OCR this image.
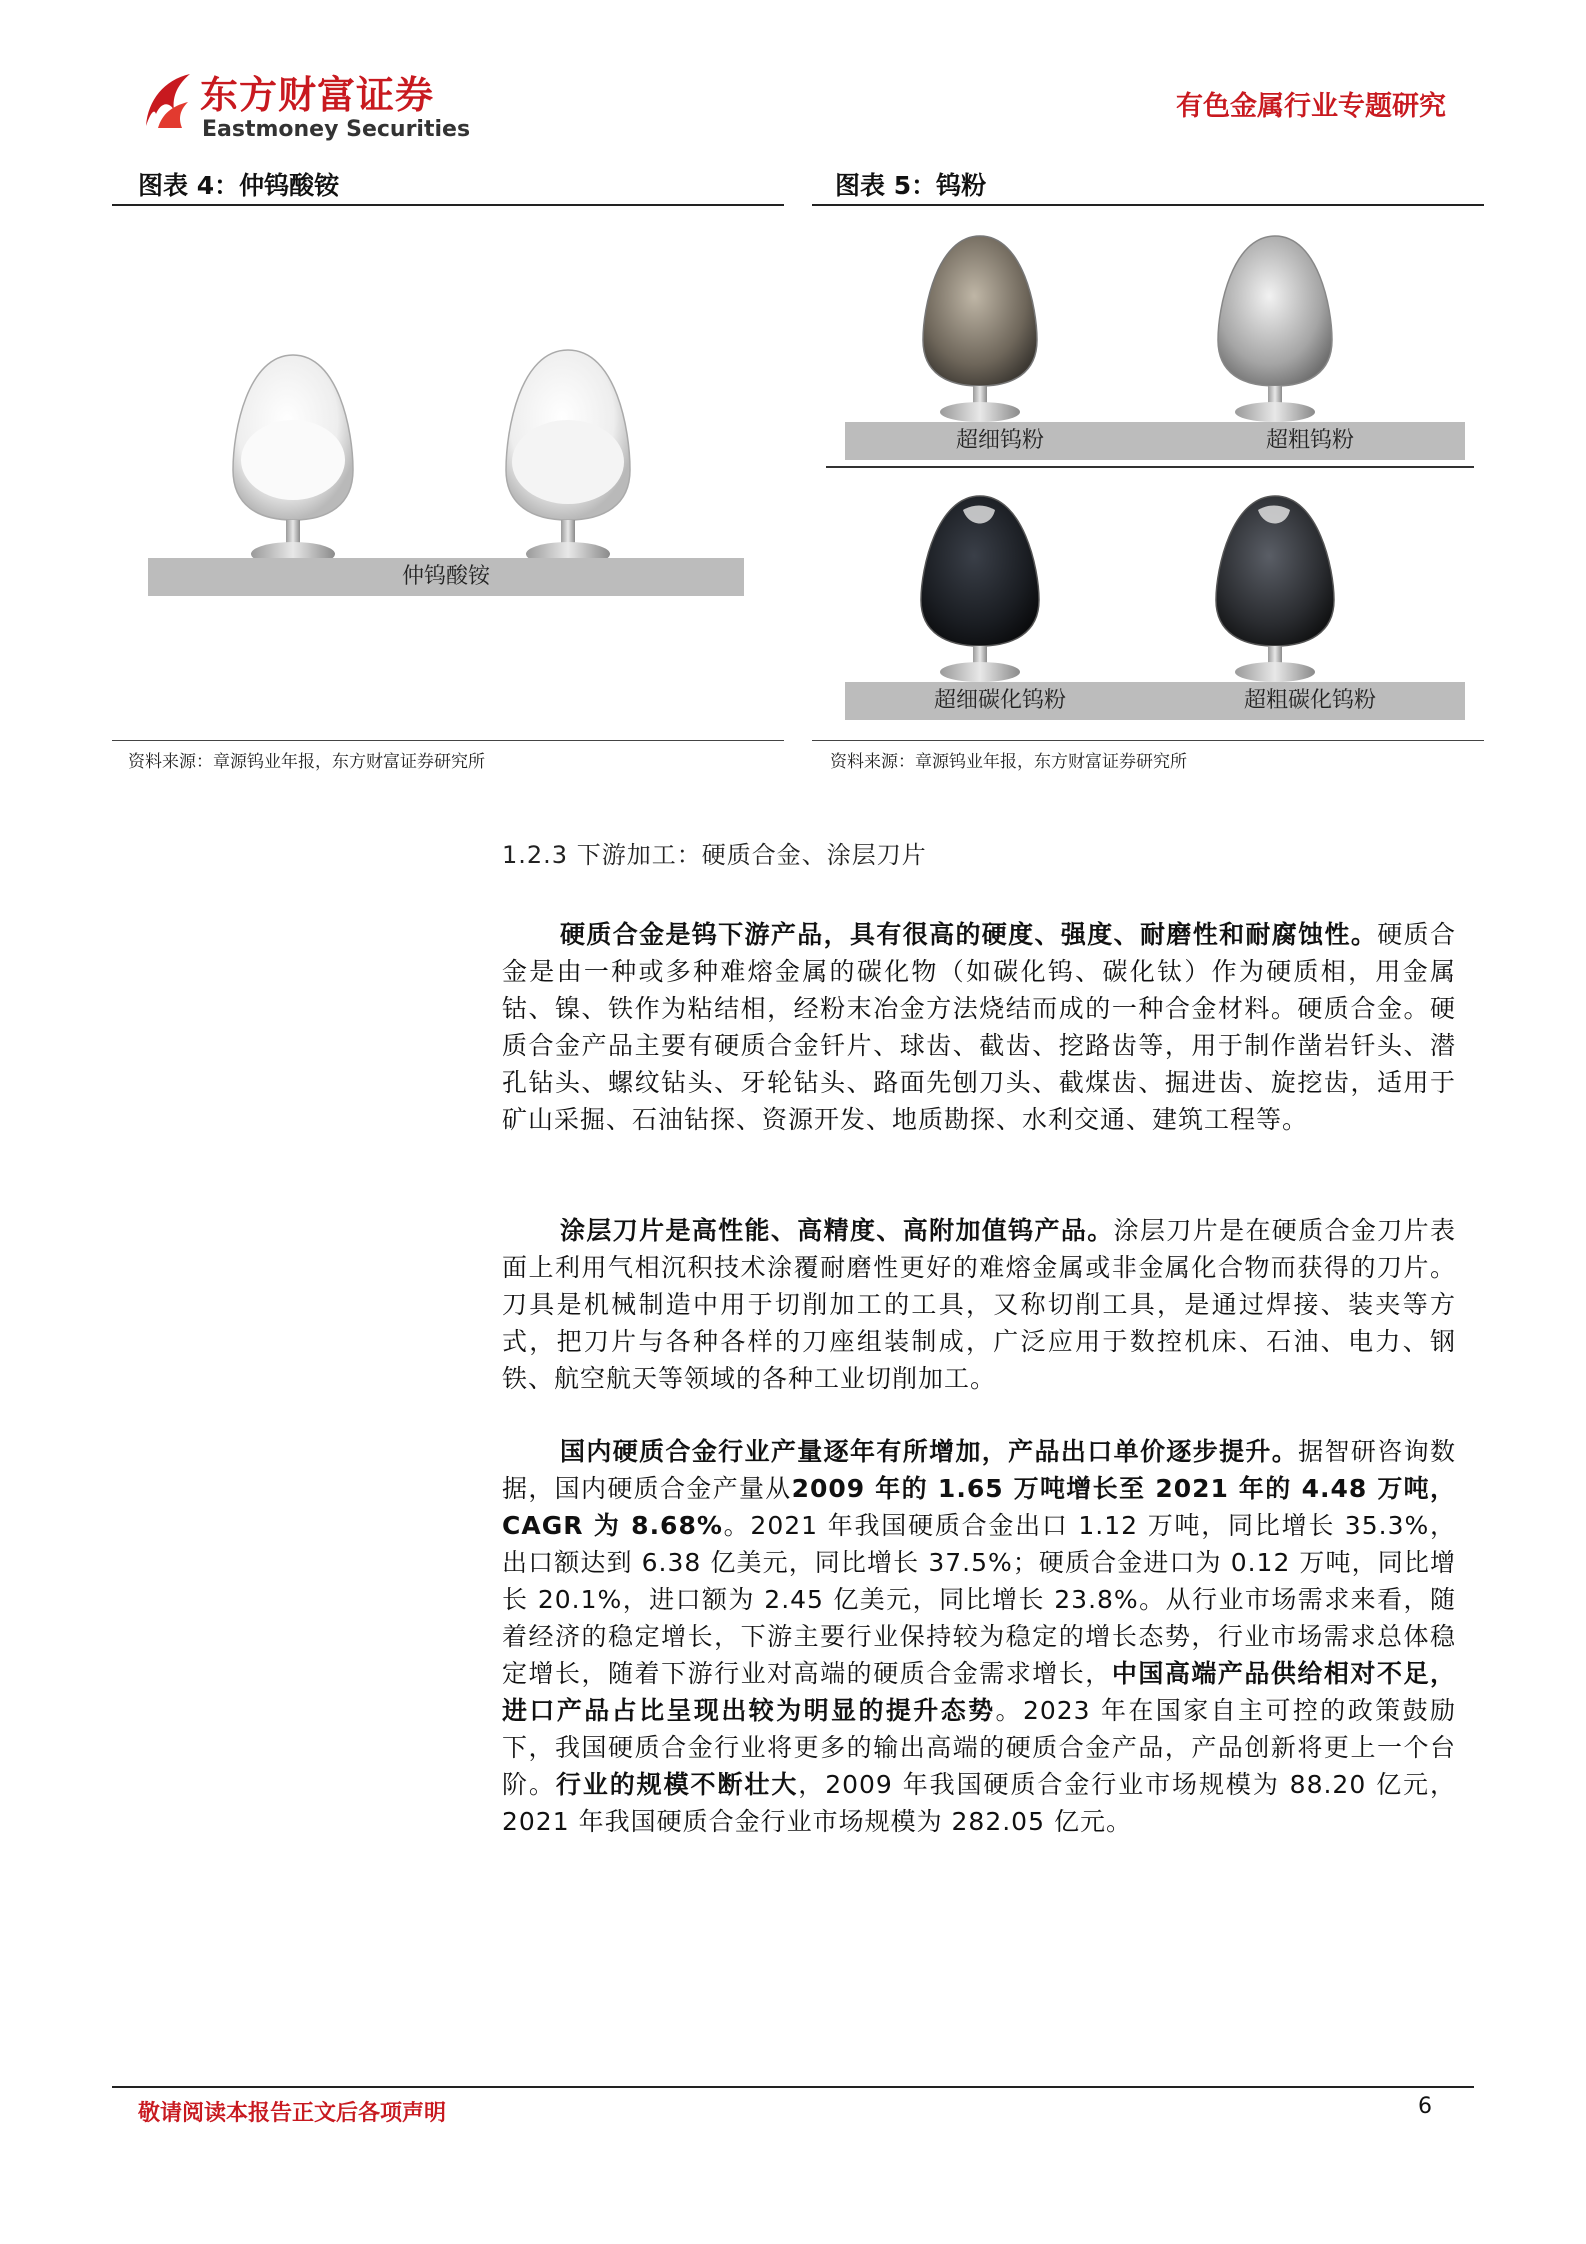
东方财富证券
Eastmoney Securities
有色金属行业专题研究
图表 4：仲钨酸铵
仲钨酸铵
资料来源：章源钨业年报，东方财富证券研究所
图表 5：钨粉
超细钨粉	超粗钨粉
超细碳化钨粉	超粗碳化钨粉
资料来源：章源钨业年报，东方财富证券研究所
1.2.3 下游加工：硬质合金、涂层刀片
硬质合金是钨下游产品，具有很高的硬度、强度、耐磨性和耐腐蚀性。硬质合金是由一种或多种难熔金属的碳化物（如碳化钨、碳化钛）作为硬质相，用金属钴、镍、铁作为粘结相，经粉末冶金方法烧结而成的一种合金材料。硬质合金。硬质合金产品主要有硬质合金钎片、球齿、截齿、挖路齿等，用于制作凿岩钎头、潜孔钻头、螺纹钻头、牙轮钻头、路面先刨刀头、截煤齿、掘进齿、旋挖齿，适用于矿山采掘、石油钻探、资源开发、地质勘探、水利交通、建筑工程等。
涂层刀片是高性能、高精度、高附加值钨产品。涂层刀片是在硬质合金刀片表面上利用气相沉积技术涂覆耐磨性更好的难熔金属或非金属化合物而获得的刀片。刀具是机械制造中用于切削加工的工具，又称切削工具，是通过焊接、装夹等方式，把刀片与各种各样的刀座组装制成，广泛应用于数控机床、石油、电力、钢铁、航空航天等领域的各种工业切削加工。
国内硬质合金行业产量逐年有所增加，产品出口单价逐步提升。据智研咨询数据，国内硬质合金产量从2009 年的 1.65 万吨增长至 2021 年的 4.48 万吨，CAGR 为 8.68%。2021 年我国硬质合金出口 1.12 万吨，同比增长 35.3%，出口额达到 6.38 亿美元，同比增长 37.5%；硬质合金进口为 0.12 万吨，同比增长 20.1%，进口额为 2.45 亿美元，同比增长 23.8%。从行业市场需求来看，随着经济的稳定增长，下游主要行业保持较为稳定的增长态势，行业市场需求总体稳定增长，随着下游行业对高端的硬质合金需求增长，中国高端产品供给相对不足，进口产品占比呈现出较为明显的提升态势。2023 年在国家自主可控的政策鼓励下，我国硬质合金行业将更多的输出高端的硬质合金产品，产品创新将更上一个台阶。行业的规模不断壮大，2009 年我国硬质合金行业市场规模为 88.20 亿元，2021 年我国硬质合金行业市场规模为 282.05 亿元。
敬请阅读本报告正文后各项声明	6
